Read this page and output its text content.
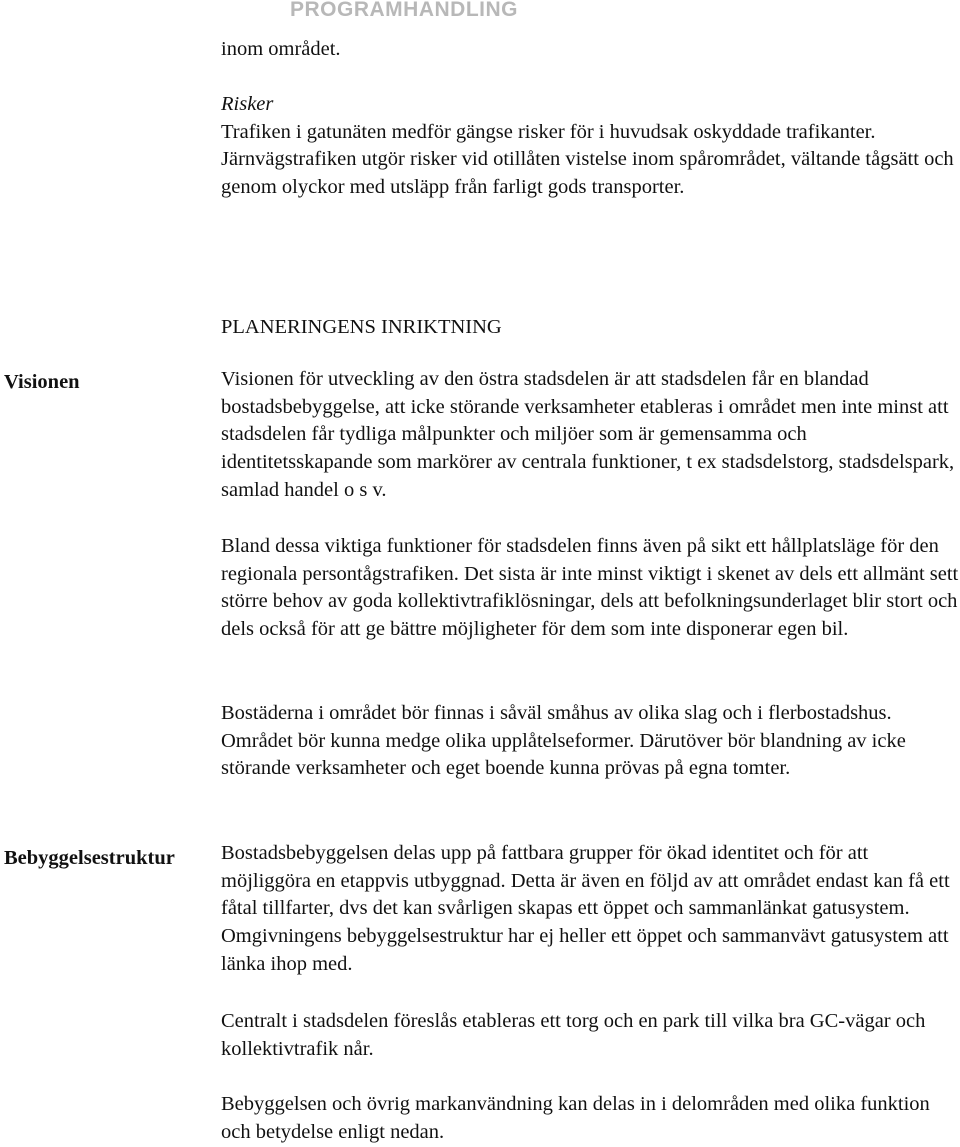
PROGRAMHANDLING

inom området.

Risker

Trafiken i gatunäten medför gängse risker för i huvudsak oskyddade trafikanter.

Järnvägstrafiken utgör risker vid otillåten vistelse inom spårområdet, vältande tågsätt och genom olyckor med utsläpp från farligt gods transporter.

PLANERINGENS INRIKTNING
Visionen	Visionen för utveckling av den östra stadsdelen är att stadsdelen får en blandad bostadsbebyggelse, att icke störande verksamheter etableras i området men inte minst att stadsdelen får tydliga målpunkter och miljöer som är gemensamma och identitetsskapande som markörer av centrala funktioner, t ex stadsdelstorg, stadsdelspark, samlad handel o s v.

Bland dessa viktiga funktioner för stadsdelen finns även på sikt ett hållplatsläge för den regionala persontågstrafiken. Det sista är inte minst viktigt i skenet av dels ett allmänt sett större behov av goda kollektivtrafiklösningar, dels att befolkningsunderlaget blir stort och dels också för att ge bättre möjligheter för dem som inte disponerar egen bil.

Bostäderna i området bör finnas i såväl småhus av olika slag och i flerbostadshus. Området bör kunna medge olika upplåtelseformer. Därutöver bör blandning av icke störande verksamheter och eget boende kunna prövas på egna tomter.

Bebyggelsestruktur Bostadsbebyggelsen delas upp på fattbara grupper för ökad identitet och för att möjliggöra en etappvis utbyggnad. Detta är även en följd av att området endast kan få ett fåtal tillfarter, dvs det kan svårligen skapas ett öppet och sammanlänkat gatusystem. Omgivningens bebyggelsestruktur har ej heller ett öppet och sammanvävt gatusystem att länka ihop med.

Centralt i stadsdelen föreslås etableras ett torg och en park till vilka bra GC-vägar och kollektivtrafik når.

Bebyggelsen och övrig markanvändning kan delas in i delområden med olika funktion och betydelse enligt nedan.
